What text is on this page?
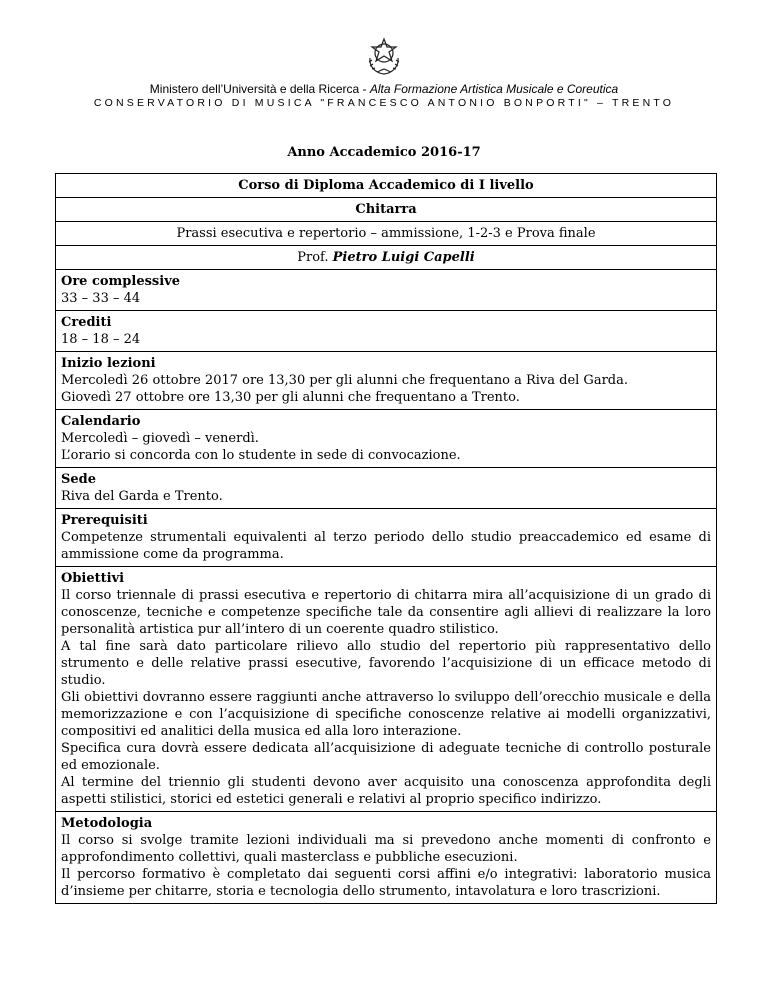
Ministero dell’Università e della Ricerca - Alta Formazione Artistica Musicale e Coreutica
CONSERVATORIO DI MUSICA "FRANCESCO ANTONIO BONPORTI" – TRENTO
Anno Accademico 2016-17
Corso di Diploma Accademico di I livello
Chitarra
Prassi esecutiva e repertorio – ammissione, 1-2-3 e Prova finale
Prof. Pietro Luigi Capelli

Ore complessive
33 – 33 – 44

Crediti
18 – 18 – 24

Inizio lezioni
Mercoledì 26 ottobre 2017 ore 13,30 per gli alunni che frequentano a Riva del Garda.
Giovedì 27 ottobre ore 13,30 per gli alunni che frequentano a Trento.

Calendario
Mercoledì – giovedì – venerdì.
L’orario si concorda con lo studente in sede di convocazione.

Sede
Riva del Garda e Trento.

Prerequisiti
Competenze strumentali equivalenti al terzo periodo dello studio preaccademico ed esame di ammissione come da programma.

Obiettivi
Il corso triennale di prassi esecutiva e repertorio di chitarra mira all’acquisizione di un grado di conoscenze, tecniche e competenze specifiche tale da consentire agli allievi di realizzare la loro personalità artistica pur all’intero di un coerente quadro stilistico.
A tal fine sarà dato particolare rilievo allo studio del repertorio più rappresentativo dello strumento e delle relative prassi esecutive, favorendo l’acquisizione di un efficace metodo di studio.
Gli obiettivi dovranno essere raggiunti anche attraverso lo sviluppo dell’orecchio musicale e della memorizzazione e con l’acquisizione di specifiche conoscenze relative ai modelli organizzativi, compositivi ed analitici della musica ed alla loro interazione.
Specifica cura dovrà essere dedicata all’acquisizione di adeguate tecniche di controllo posturale ed emozionale.
Al termine del triennio gli studenti devono aver acquisito una conoscenza approfondita degli aspetti stilistici, storici ed estetici generali e relativi al proprio specifico indirizzo.

Metodologia
Il corso si svolge tramite lezioni individuali ma si prevedono anche momenti di confronto e approfondimento collettivi, quali masterclass e pubbliche esecuzioni.
Il percorso formativo è completato dai seguenti corsi affini e/o integrativi: laboratorio musica d’insieme per chitarre, storia e tecnologia dello strumento, intavolatura e loro trascrizioni.
